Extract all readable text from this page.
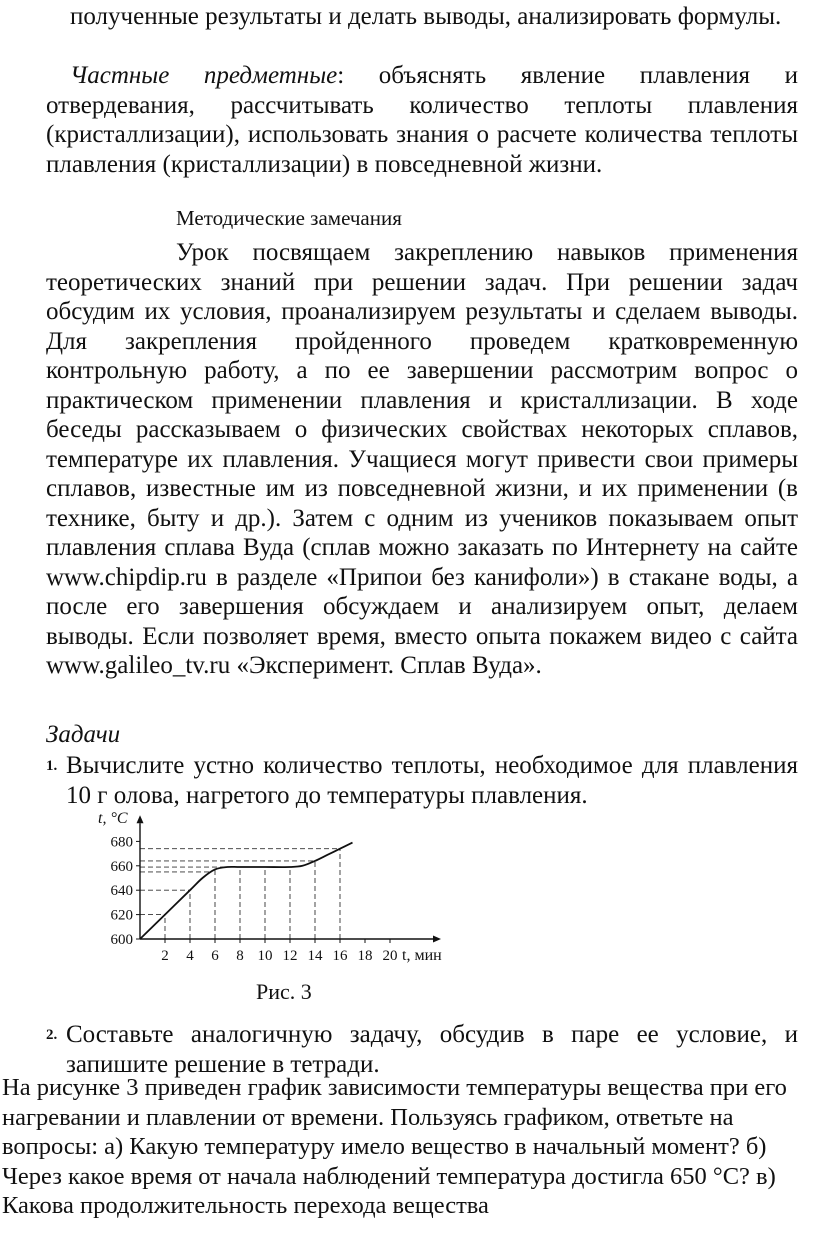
полученные результаты и делать выводы, анализировать формулы.

Частные предметные: объяснять явление плавления и отвердевания, рассчитывать количество теплоты плавления (кристаллизации), использовать знания о расчете количества теплоты плавления (кристаллизации) в повседневной жизни.

Методические замечания

Урок посвящаем закреплению навыков применения теоретических знаний при решении задач. При решении задач обсудим их условия, проанализируем результаты и сделаем выводы. Для закрепления пройденного проведем кратковременную контрольную работу, а по ее завершении рассмотрим вопрос о практическом применении плавления и кристаллизации. В ходе беседы рассказываем о физических свойствах некоторых сплавов, температуре их плавления. Учащиеся могут привести свои примеры сплавов, известные им из повседневной жизни, и их применении (в технике, быту и др.). Затем с одним из учеников показываем опыт плавления сплава Вуда (сплав можно заказать по Интернету на сайте www.chipdip.ru в разделе «Припои без канифоли») в стакане воды, а после его завершения обсуждаем и анализируем опыт, делаем выводы. Если позволяет время, вместо опыта покажем видео с сайта www.galileo_tv.ru «Эксперимент. Сплав Вуда».

Задачи

1. Вычислите устно количество теплоты, необходимое для плавления 10 г олова, нагретого до температуры плавления.
600
620
640
660
680
2 4 6 8 10 12 14 16 18 20
t, °C
t, мин
Рис. 3
2. Составьте аналогичную задачу, обсудив в паре ее условие, и запишите решение в тетради.

На рисунке 3 приведен график зависимости температуры вещества при его нагревании и плавлении от времени. Пользуясь графиком, ответьте на вопросы: а) Какую температуру имело вещество в начальный момент? б) Через какое время от начала наблюдений температура достигла 650 °С? в) Какова продолжительность перехода вещества
